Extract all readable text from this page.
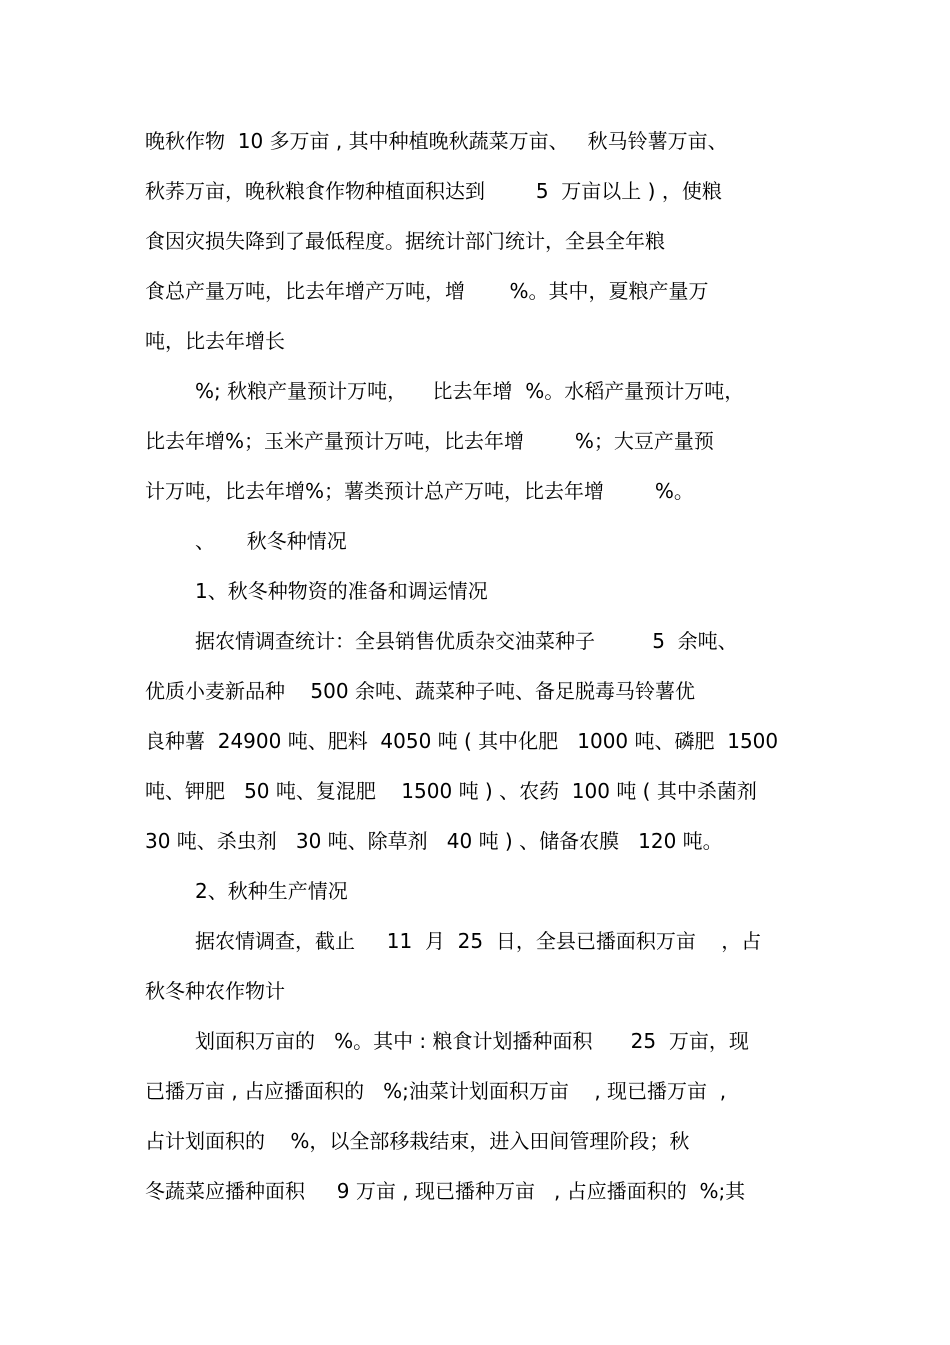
晚秋作物  10 多万亩 , 其中种植晚秋蔬菜万亩、   秋马铃薯万亩、
秋荞万亩，晚秋粮食作物种植面积达到        5  万亩以上 ) ，使粮
食因灾损失降到了最低程度。据统计部门统计，全县全年粮
食总产量万吨，比去年增产万吨，增       %。其中，夏粮产量万
吨，比去年增长
%; 秋粮产量预计万吨，    比去年增  %。水稻产量预计万吨，
比去年增%；玉米产量预计万吨，比去年增        %；大豆产量预
计万吨，比去年增%；薯类预计总产万吨，比去年增        %。
、     秋冬种情况
1、秋冬种物资的准备和调运情况
据农情调查统计：全县销售优质杂交油菜种子         5  余吨、
优质小麦新品种    500 余吨、蔬菜种子吨、备足脱毒马铃薯优
良种薯  24900 吨、肥料  4050 吨 ( 其中化肥   1000 吨、磷肥  1500
吨、钾肥   50 吨、复混肥    1500 吨 ) 、农药  100 吨 ( 其中杀菌剂
30 吨、杀虫剂   30 吨、除草剂   40 吨 ) 、储备农膜   120 吨。
2、秋种生产情况
据农情调查，截止     11  月  25  日，全县已播面积万亩    ，占
秋冬种农作物计
划面积万亩的   %。其中 : 粮食计划播种面积      25  万亩，现
已播万亩 , 占应播面积的   %;油菜计划面积万亩    , 现已播万亩  ,
占计划面积的    %，以全部移栽结束，进入田间管理阶段；秋
冬蔬菜应播种面积     9 万亩 , 现已播种万亩   , 占应播面积的  %;其
